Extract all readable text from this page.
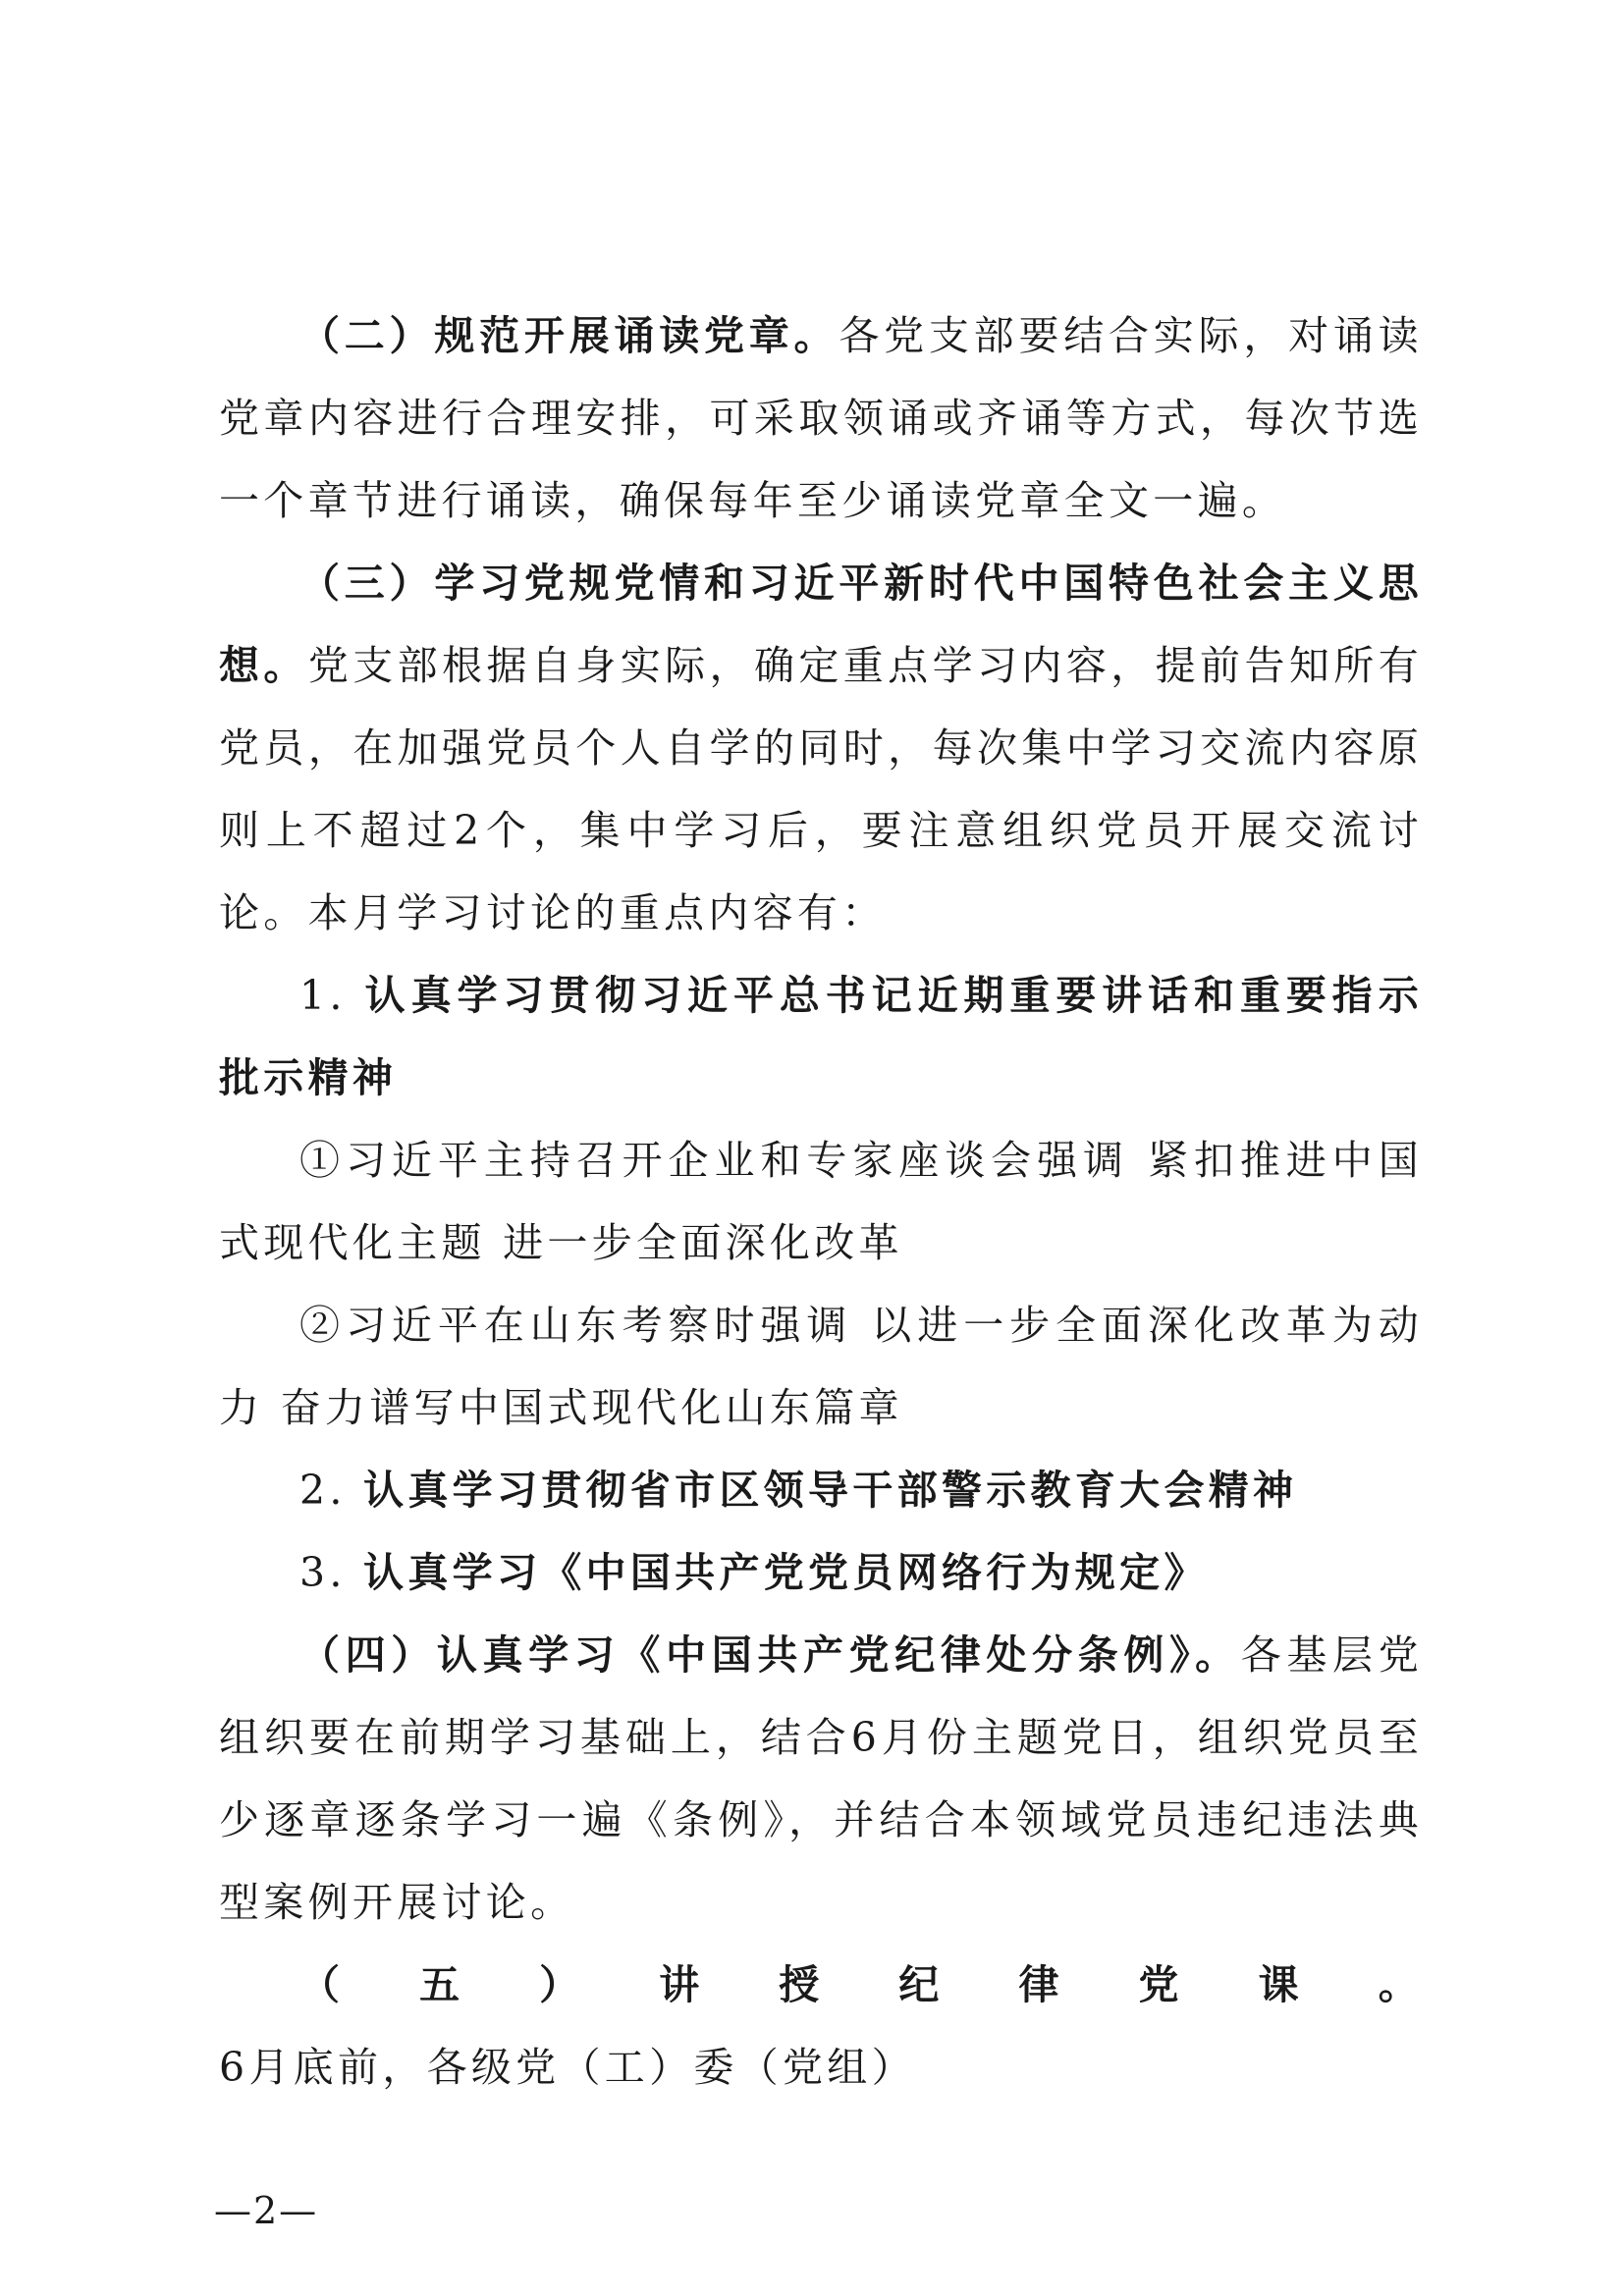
（二）规范开展诵读党章。各党支部要结合实际，对诵读党章内容进行合理安排，可采取领诵或齐诵等方式，每次节选一个章节进行诵读，确保每年至少诵读党章全文一遍。

（三）学习党规党情和习近平新时代中国特色社会主义思想。党支部根据自身实际，确定重点学习内容，提前告知所有党员，在加强党员个人自学的同时，每次集中学习交流内容原则上不超过2个，集中学习后，要注意组织党员开展交流讨论。本月学习讨论的重点内容有：

1. 认真学习贯彻习近平总书记近期重要讲话和重要指示批示精神

①习近平主持召开企业和专家座谈会强调 紧扣推进中国式现代化主题 进一步全面深化改革

②习近平在山东考察时强调 以进一步全面深化改革为动力 奋力谱写中国式现代化山东篇章

2. 认真学习贯彻省市区领导干部警示教育大会精神

3. 认真学习《中国共产党党员网络行为规定》

（四）认真学习《中国共产党纪律处分条例》。各基层党组织要在前期学习基础上，结合6月份主题党日，组织党员至少逐章逐条学习一遍《条例》，并结合本领域党员违纪违法典型案例开展讨论。

（五）讲授纪律党课。6月底前，各级党（工）委（党组）

—2—
